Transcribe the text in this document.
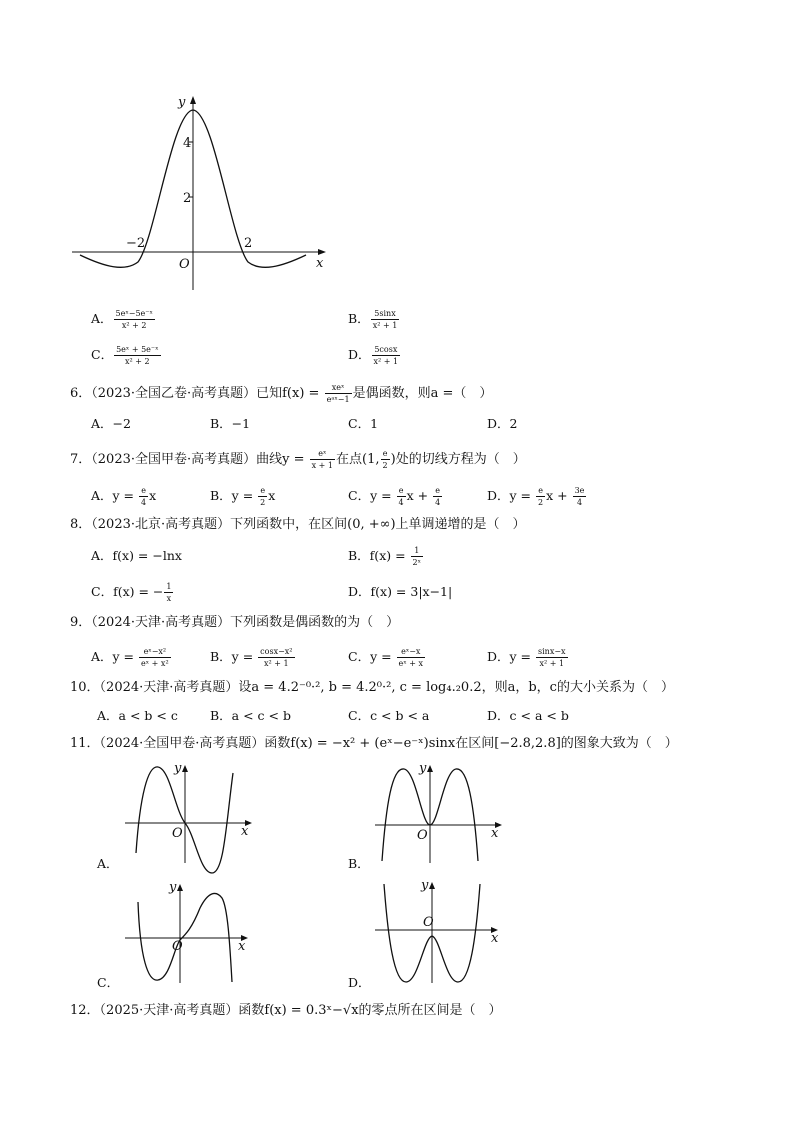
y
4
2
−2	2
O	x
A． $\frac{\text{5eˣ−5e⁻ˣ}}{\text{x² + 2}}$	B． $\frac{5\sin x}{\text{x² + 1}}$
C． $\frac{\text{5eˣ + 5e⁻ˣ}}{\text{x² + 2}}$	D． $\frac{5\cos x}{\text{x² + 1}}$
6．（2023·全国乙卷·高考真题）已知$f(x) = \frac{\text{xeˣ}}{\text{eᵃˣ−1}}$ 是偶函数，则a =（　）
A．−2	B．−1	C．1	D．2
7．（2023·全国甲卷·高考真题）曲线$y = \frac{\text{eˣ}}{x + 1}$ 在点(1, $\frac{e}{2}$ )处的切线方程为（　）
A．$y = \frac{e}{4}$ x	B．$y = \frac{e}{2}$ x	C．$y = \frac{e}{4}$ $x + \frac{e}{4}$	D．$y = \frac{e}{2}$ $x + \frac{3e}{4}$
8．（2023·北京·高考真题）下列函数中，在区间(0, +∞)上单调递增的是（　）
A．f(x) = −lnx	B．$f(x) = \frac{1}{\text{2ˣ}}$
C．f(x) = − $\frac{1}{x}$	D．f(x) = 3|x−1|
9．（2024·天津·高考真题）下列函数是偶函数的为（　）
A．$y = \frac{\text{eˣ−x²}}{\text{eˣ + x²}}$	B．$y = \frac{\text{cosx−x²}}{\text{x² + 1}}$	C．$y = \frac{\text{eˣ−x}}{\text{eˣ + x}}$	D．$y = \frac{\sin x-x}{\text{x² + 1}}$
10．（2024·天津·高考真题）设a = 4.2⁻⁰·², b = 4.2⁰·², c = log₄.₂0.2，则a，b，c的大小关系为（　）
A．a < b < c	B．a < c < b	C．c < b < a	D．c < a < b
11．（2024·全国甲卷·高考真题）函数f(x) = −x² + (eˣ−e⁻ˣ)sinx在区间[−2.8,2.8]的图象大致为（　）
y
O	x
A．
y
O	x
B．
y
O	x
C．
y
O
x
D．
12．（2025·天津·高考真题）函数f(x) = 0.3ˣ−√x的零点所在区间是（　）
